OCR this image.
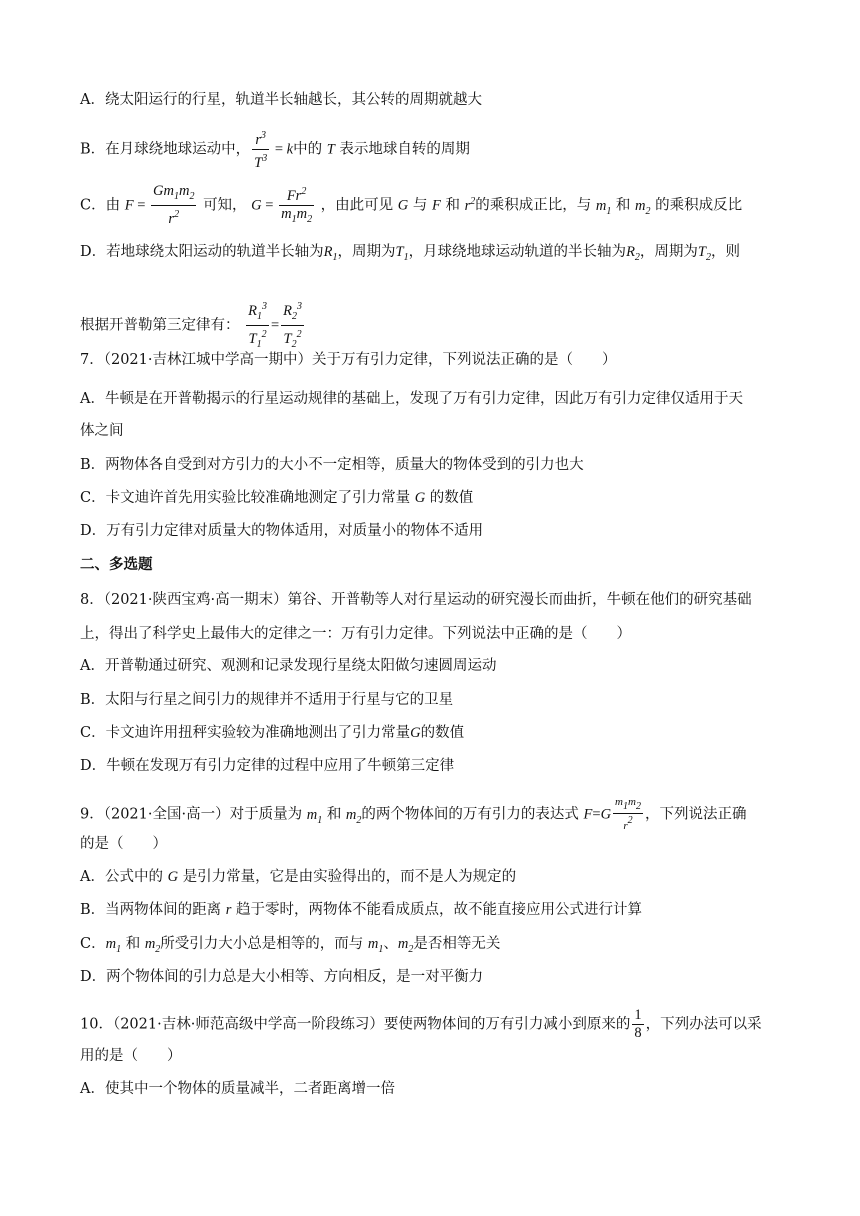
A．绕太阳运行的行星，轨道半长轴越长，其公转的周期就越大
B．在月球绕地球运动中， $\frac{r^3}{T^3} = k$中的 T 表示地球自转的周期
C．由 $F = \frac{Gm_1m_2}{r^2}$ 可知， $G = \frac{Fr^2}{m_1m_2}$ ，由此可见 G 与 F 和 $r^2$的乘积成正比，与 $m_1$ 和 $m_2$ 的乘积成反比
D．若地球绕太阳运动的轨道半长轴为$R_1$，周期为$T_1$，月球绕地球运动轨道的半长轴为$R_2$，周期为$T_2$，则
根据开普勒第三定律有： $\frac{R_1^3}{T_1^2} = \frac{R_2^3}{T_2^2}$
7．（2021·吉林江城中学高一期中）关于万有引力定律，下列说法正确的是（　　）
A．牛顿是在开普勒揭示的行星运动规律的基础上，发现了万有引力定律，因此万有引力定律仅适用于天
体之间
B．两物体各自受到对方引力的大小不一定相等，质量大的物体受到的引力也大
C．卡文迪许首先用实验比较准确地测定了引力常量 G 的数值
D．万有引力定律对质量大的物体适用，对质量小的物体不适用
二、多选题
8．（2021·陕西宝鸡·高一期末）第谷、开普勒等人对行星运动的研究漫长而曲折，牛顿在他们的研究基础
上，得出了科学史上最伟大的定律之一：万有引力定律。下列说法中正确的是（　　）
A．开普勒通过研究、观测和记录发现行星绕太阳做匀速圆周运动
B．太阳与行星之间引力的规律并不适用于行星与它的卫星
C．卡文迪许用扭秤实验较为准确地测出了引力常量G的数值
D．牛顿在发现万有引力定律的过程中应用了牛顿第三定律
9．（2021·全国·高一）对于质量为 $m_1$ 和 $m_2$的两个物体间的万有引力的表达式 $F=G \frac{m1m2}{r2}$ ，下列说法正确
的是（　　）
A．公式中的 G 是引力常量，它是由实验得出的，而不是人为规定的
B．当两物体间的距离 r 趋于零时，两物体不能看成质点，故不能直接应用公式进行计算
C．$m_1$ 和 $m_2$所受引力大小总是相等的，而与 $m_1$、$m_2$是否相等无关
D．两个物体间的引力总是大小相等、方向相反，是一对平衡力
10．（2021·吉林·师范高级中学高一阶段练习）要使两物体间的万有引力减小到原来的 $\frac{1}{8}$ ，下列办法可以采
用的是（　　）
A．使其中一个物体的质量减半，二者距离增一倍
